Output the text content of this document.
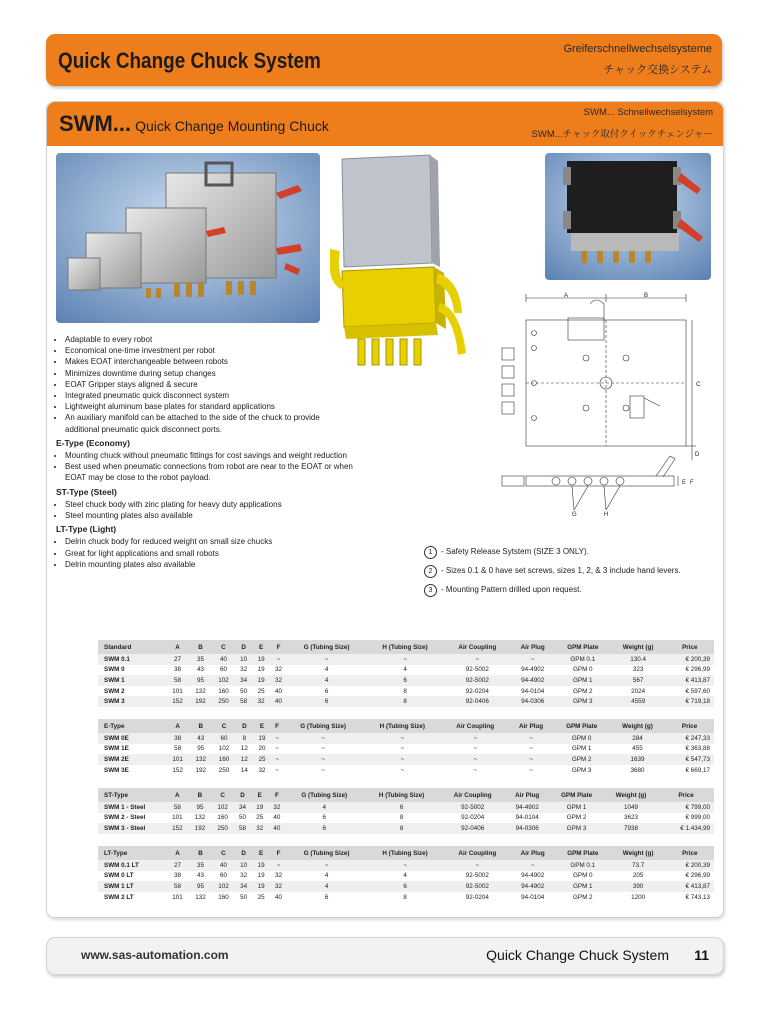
Quick Change Chuck System	Greiferschnellwechselsysteme
チャック交換システム
SWM... Quick Change Mounting Chuck
SWM... Schnellwechselsystem
SWM...チャック取付クイックチェンジャー
A	B
C
D
E F
G	H
• Adaptable to every robot
• Economical one-time investment per robot
• Makes EOAT interchangeable between robots
• Minimizes downtime during setup changes
• EOAT Gripper stays aligned & secure
• Integrated pneumatic quick disconnect system
• Lightweight aluminum base plates for standard applications
• An auxiliary manifold can be attached to the side of the chuck to provide additional pneumatic quick disconnect ports.
E-Type (Economy)
• Mounting chuck without pneumatic fittings for cost savings and weight reduction
• Best used when pneumatic connections from robot are near to the EOAT or when EOAT may be close to the robot payload.
ST-Type (Steel)
• Steel chuck body with zinc plating for heavy duty applications
• Steel mounting plates also available
LT-Type (Light)
• Delrin chuck body for reduced weight on small size chucks
• Great for light applications and small robots
• Delrin mounting plates also available
1 - Safety Release Sytstem (SIZE 3 ONLY).
2 - Sizes 0.1 & 0 have set screws, sizes 1, 2, & 3 include hand levers.
3 - Mounting Pattern drilled upon request.
Standard	A	B	C	D	E	F	G (Tubing Size)	H (Tubing Size)	Air Coupling	Air Plug	GPM Plate	Weight (g)	Price
SWM 0.1	27	35	40	10	19	~	~	~	~	~	GPM 0.1	130.4	€ 200,39
SWM 0	38	43	60	32	19	32	4	4	92-5002	94-4902	GPM 0	323	€ 296,99
SWM 1	58	95	102	34	19	32	4	6	92-5002	94-4902	GPM 1	567	€ 413,87
SWM 2	101	132	160	50	25	40	6	8	92-0204	94-0104	GPM 2	2024	€ 597,60
SWM 3	152	192	250	58	32	40	6	8	92-0406	94-0306	GPM 3	4559	€ 719,18
E-Type	A	B	C	D	E	F	G (Tubing Size)	H (Tubing Size)	Air Coupling	Air Plug	GPM Plate	Weight (g)	Price
SWM 0E	38	43	60	8	19	~	~	~	~	~	GPM 0	284	€ 247,33
SWM 1E	58	95	102	12	20	~	~	~	~	~	GPM 1	455	€ 363,88
SWM 2E	101	132	160	12	25	~	~	~	~	~	GPM 2	1639	€ 547,73
SWM 3E	152	192	250	14	32	~	~	~	~	~	GPM 3	3680	€ 669,17
ST-Type	A	B	C	D	E	F	G (Tubing Size)	H (Tubing Size)	Air Coupling	Air Plug	GPM Plate	Weight (g)	Price
SWM 1 - Steel	58	95	102	34	19	32	4	6	92-5002	94-4902	GPM 1	1049	€ 799,00
SWM 2 - Steel	101	132	160	50	25	40	6	8	92-0204	94-0104	GPM 2	3623	€ 999,00
SWM 3 - Steel	152	192	250	58	32	40	6	8	92-0406	94-0306	GPM 3	7938	€ 1.434,99
LT-Type	A	B	C	D	E	F	G (Tubing Size)	H (Tubing Size)	Air Coupling	Air Plug	GPM Plate	Weight (g)	Price
SWM 0.1 LT	27	35	40	10	19	~	~	~	~	~	GPM 0.1	73.7	€ 200,39
SWM 0 LT	38	43	60	32	19	32	4	4	92-5002	94-4902	GPM 0	205	€ 296,99
SWM 1 LT	58	95	102	34	19	32	4	6	92-5002	94-4902	GPM 1	390	€ 413,87
SWM 2 LT	101	132	160	50	25	40	6	8	92-0204	94-0104	GPM 2	1200	€ 743,13
www.sas-automation.com	Quick Change Chuck System 11
